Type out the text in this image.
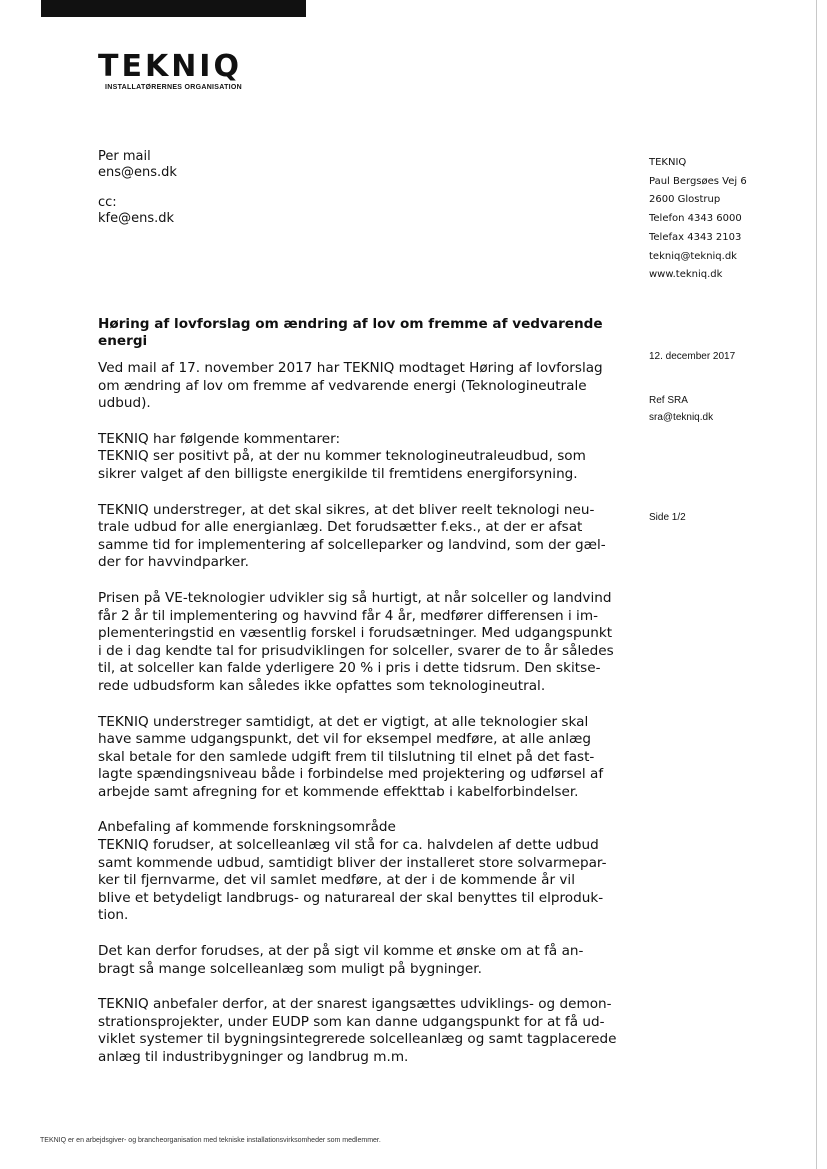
TEKNIQ
INSTALLATØRERNES ORGANISATION
Per mail
ens@ens.dk
cc:
kfe@ens.dk
TEKNIQ
Paul Bergsøes Vej 6
2600 Glostrup
Telefon 4343 6000
Telefax 4343 2103
tekniq@tekniq.dk
www.tekniq.dk
12. december 2017
Ref SRA
sra@tekniq.dk
Side 1/2
Høring af lovforslag om ændring af lov om fremme af vedvarende
energi

Ved mail af 17. november 2017 har TEKNIQ modtaget Høring af lovforslag
om ændring af lov om fremme af vedvarende energi (Teknologineutrale
udbud).

TEKNIQ har følgende kommentarer:
TEKNIQ ser positivt på, at der nu kommer teknologineutraleudbud, som
sikrer valget af den billigste energikilde til fremtidens energiforsyning.

TEKNIQ understreger, at det skal sikres, at det bliver reelt teknologi neu-
trale udbud for alle energianlæg. Det forudsætter f.eks., at der er afsat
samme tid for implementering af solcelleparker og landvind, som der gæl-
der for havvindparker.

Prisen på VE-teknologier udvikler sig så hurtigt, at når solceller og landvind
får 2 år til implementering og havvind får 4 år, medfører differensen i im-
plementeringstid en væsentlig forskel i forudsætninger. Med udgangspunkt
i de i dag kendte tal for prisudviklingen for solceller, svarer de to år således
til, at solceller kan falde yderligere 20 % i pris i dette tidsrum. Den skitse-
rede udbudsform kan således ikke opfattes som teknologineutral.

TEKNIQ understreger samtidigt, at det er vigtigt, at alle teknologier skal
have samme udgangspunkt, det vil for eksempel medføre, at alle anlæg
skal betale for den samlede udgift frem til tilslutning til elnet på det fast-
lagte spændingsniveau både i forbindelse med projektering og udførsel af
arbejde samt afregning for et kommende effekttab i kabelforbindelser.

Anbefaling af kommende forskningsområde
TEKNIQ forudser, at solcelleanlæg vil stå for ca. halvdelen af dette udbud
samt kommende udbud, samtidigt bliver der installeret store solvarmepar-
ker til fjernvarme, det vil samlet medføre, at der i de kommende år vil
blive et betydeligt landbrugs- og naturareal der skal benyttes til elproduk-
tion.

Det kan derfor forudses, at der på sigt vil komme et ønske om at få an-
bragt så mange solcelleanlæg som muligt på bygninger.

TEKNIQ anbefaler derfor, at der snarest igangsættes udviklings- og demon-
strationsprojekter, under EUDP som kan danne udgangspunkt for at få ud-
viklet systemer til bygningsintegrerede solcelleanlæg og samt tagplacerede
anlæg til industribygninger og landbrug m.m.

TEKNIQ er en arbejdsgiver- og brancheorganisation med tekniske installationsvirksomheder som medlemmer.
